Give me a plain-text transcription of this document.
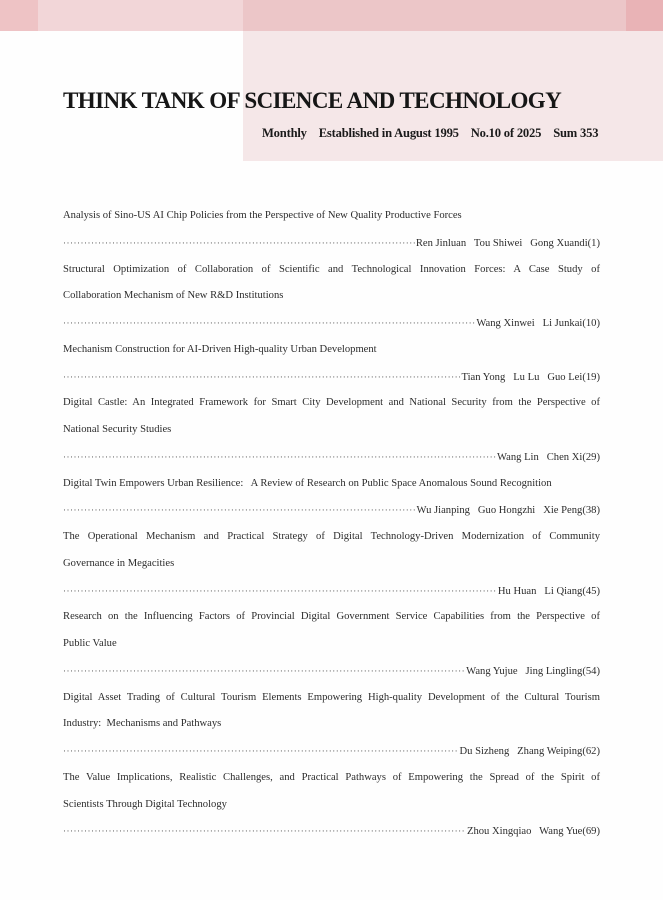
THINK TANK OF SCIENCE AND TECHNOLOGY
Monthly Established in August 1995 No.10 of 2025 Sum 353
Analysis of Sino-US AI Chip Policies from the Perspective of New Quality Productive Forces
·····
Ren Jinluan   Tou Shiwei   Gong Xuandi (1)
Structural Optimization of Collaboration of Scientific and Technological Innovation Forces: A Case Study of
Collaboration Mechanism of New R&D Institutions
·····
Wang Xinwei   Li Junkai (10)
Mechanism Construction for AI-Driven High-quality Urban Development
·····
Tian Yong   Lu Lu   Guo Lei (19)
Digital Castle: An Integrated Framework for Smart City Development and National Security from the Perspective of
National Security Studies
·····
Wang Lin   Chen Xi (29)
Digital Twin Empowers Urban Resilience:   A Review of Research on Public Space Anomalous Sound Recognition
·····
Wu Jianping   Guo Hongzhi   Xie Peng (38)
The Operational Mechanism and Practical Strategy of Digital Technology-Driven Modernization of Community
Governance in Megacities
·····
Hu Huan   Li Qiang (45)
Research on the Influencing Factors of Provincial Digital Government Service Capabilities from the Perspective of
Public Value
·····
Wang Yujue   Jing Lingling (54)
Digital Asset Trading of Cultural Tourism Elements Empowering High-quality Development of the Cultural Tourism
Industry:  Mechanisms and Pathways
·····
Du Sizheng   Zhang Weiping (62)
The Value Implications, Realistic Challenges, and Practical Pathways of Empowering the Spread of the Spirit of
Scientists Through Digital Technology
·····
Zhou Xingqiao   Wang Yue (69)
